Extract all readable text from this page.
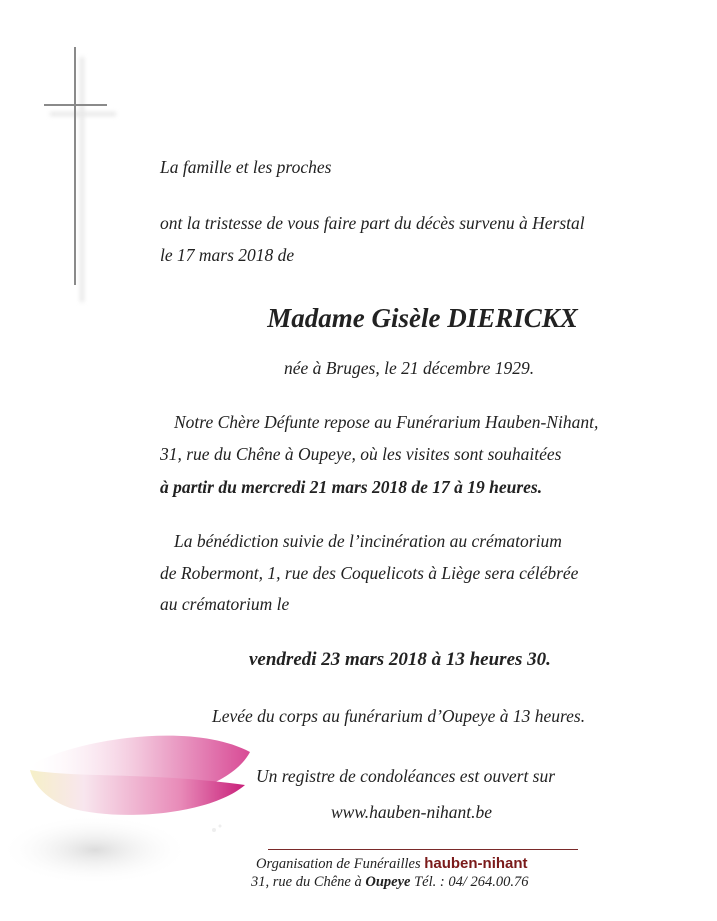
La famille et les proches
ont la tristesse de vous faire part du décès survenu à Herstal
le 17 mars 2018 de
Madame Gisèle DIERICKX
née à Bruges, le 21 décembre 1929.
Notre Chère Défunte repose au Funérarium Hauben-Nihant,
31, rue du Chêne à Oupeye, où les visites sont souhaitées
à partir du mercredi 21 mars 2018 de 17 à 19 heures.
La bénédiction suivie de l’incinération au crématorium
de Robermont, 1, rue des Coquelicots à Liège sera célébrée
au crématorium le
vendredi 23 mars 2018 à 13 heures 30.
Levée du corps au funérarium d’Oupeye à 13 heures.
Un registre de condoléances est ouvert sur
www.hauben-nihant.be
Organisation de Funérailles hauben-nihant
31, rue du Chêne à Oupeye Tél. : 04/ 264.00.76
